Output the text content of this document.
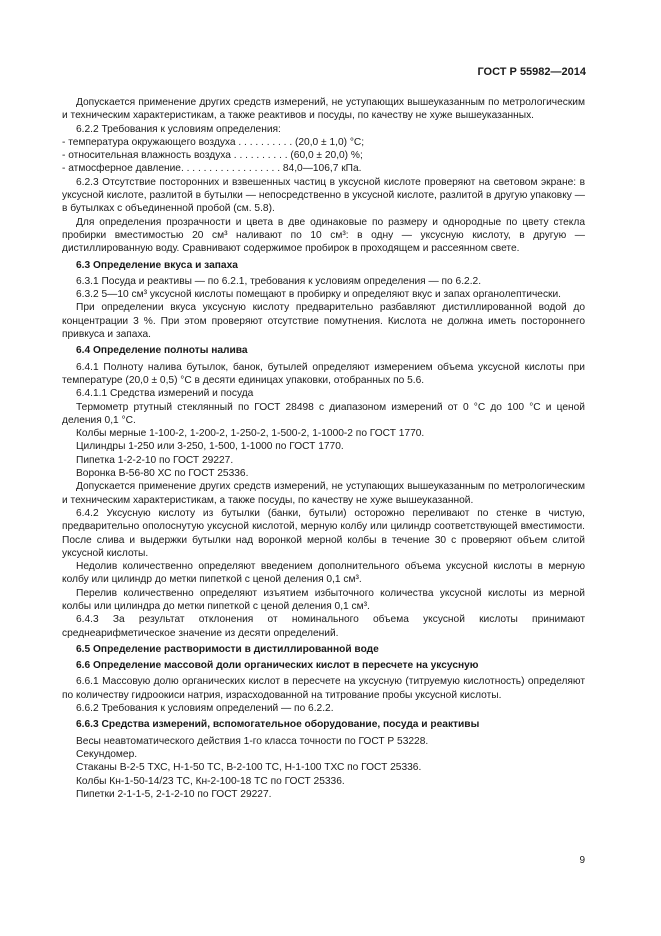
ГОСТ Р 55982—2014
Допускается применение других средств измерений, не уступающих вышеуказанным по метрологическим и техническим характеристикам, а также реактивов и посуды, по качеству не хуже вышеуказанных.
6.2.2 Требования к условиям определения:
- температура окружающего воздуха . . . . . . . . . . (20,0 ± 1,0) °С;
- относительная влажность воздуха . . . . . . . . . . (60,0 ± 20,0) %;
- атмосферное давление. . . . . . . . . . . . . . . . . . 84,0—106,7 кПа.
6.2.3 Отсутствие посторонних и взвешенных частиц в уксусной кислоте проверяют на световом экране: в уксусной кислоте, разлитой в бутылки — непосредственно в уксусной кислоте, разлитой в другую упаковку — в бутылках с объединенной пробой (см. 5.8).
Для определения прозрачности и цвета в две одинаковые по размеру и однородные по цвету стекла пробирки вместимостью 20 см³ наливают по 10 см³: в одну — уксусную кислоту, в другую — дистиллированную воду. Сравнивают содержимое пробирок в проходящем и рассеянном свете.
6.3 Определение вкуса и запаха
6.3.1 Посуда и реактивы — по 6.2.1, требования к условиям определения — по 6.2.2.
6.3.2 5—10 см³ уксусной кислоты помещают в пробирку и определяют вкус и запах органолептически.
При определении вкуса уксусную кислоту предварительно разбавляют дистиллированной водой до концентрации 3 %. При этом проверяют отсутствие помутнения. Кислота не должна иметь постороннего привкуса и запаха.
6.4 Определение полноты налива
6.4.1 Полноту налива бутылок, банок, бутылей определяют измерением объема уксусной кислоты при температуре (20,0 ± 0,5) °С в десяти единицах упаковки, отобранных по 5.6.
6.4.1.1 Средства измерений и посуда
Термометр ртутный стеклянный по ГОСТ 28498 с диапазоном измерений от 0 °С до 100 °С и ценой деления 0,1 °С.
Колбы мерные 1-100-2, 1-200-2, 1-250-2, 1-500-2, 1-1000-2 по ГОСТ 1770.
Цилиндры 1-250 или 3-250, 1-500, 1-1000 по ГОСТ 1770.
Пипетка 1-2-2-10 по ГОСТ 29227.
Воронка В-56-80 ХС по ГОСТ 25336.
Допускается применение других средств измерений, не уступающих вышеуказанным по метрологическим и техническим характеристикам, а также посуды, по качеству не хуже вышеуказанной.
6.4.2 Уксусную кислоту из бутылки (банки, бутыли) осторожно переливают по стенке в чистую, предварительно ополоснутую уксусной кислотой, мерную колбу или цилиндр соответствующей вместимости. После слива и выдержки бутылки над воронкой мерной колбы в течение 30 с проверяют объем слитой уксусной кислоты.
Недолив количественно определяют введением дополнительного объема уксусной кислоты в мерную колбу или цилиндр до метки пипеткой с ценой деления 0,1 см³.
Перелив количественно определяют изъятием избыточного количества уксусной кислоты из мерной колбы или цилиндра до метки пипеткой с ценой деления 0,1 см³.
6.4.3 За результат отклонения от номинального объема уксусной кислоты принимают среднеарифметическое значение из десяти определений.
6.5 Определение растворимости в дистиллированной воде
6.6 Определение массовой доли органических кислот в пересчете на уксусную
6.6.1 Массовую долю органических кислот в пересчете на уксусную (титруемую кислотность) определяют по количеству гидроокиси натрия, израсходованной на титрование пробы уксусной кислоты.
6.6.2 Требования к условиям определений — по 6.2.2.
6.6.3 Средства измерений, вспомогательное оборудование, посуда и реактивы
Весы неавтоматического действия 1-го класса точности по ГОСТ Р 53228.
Секундомер.
Стаканы В-2-5 ТХС, Н-1-50 ТС, В-2-100 ТС, Н-1-100 ТХС по ГОСТ 25336.
Колбы Кн-1-50-14/23 ТС, Кн-2-100-18 ТС по ГОСТ 25336.
Пипетки 2-1-1-5, 2-1-2-10 по ГОСТ 29227.
9
